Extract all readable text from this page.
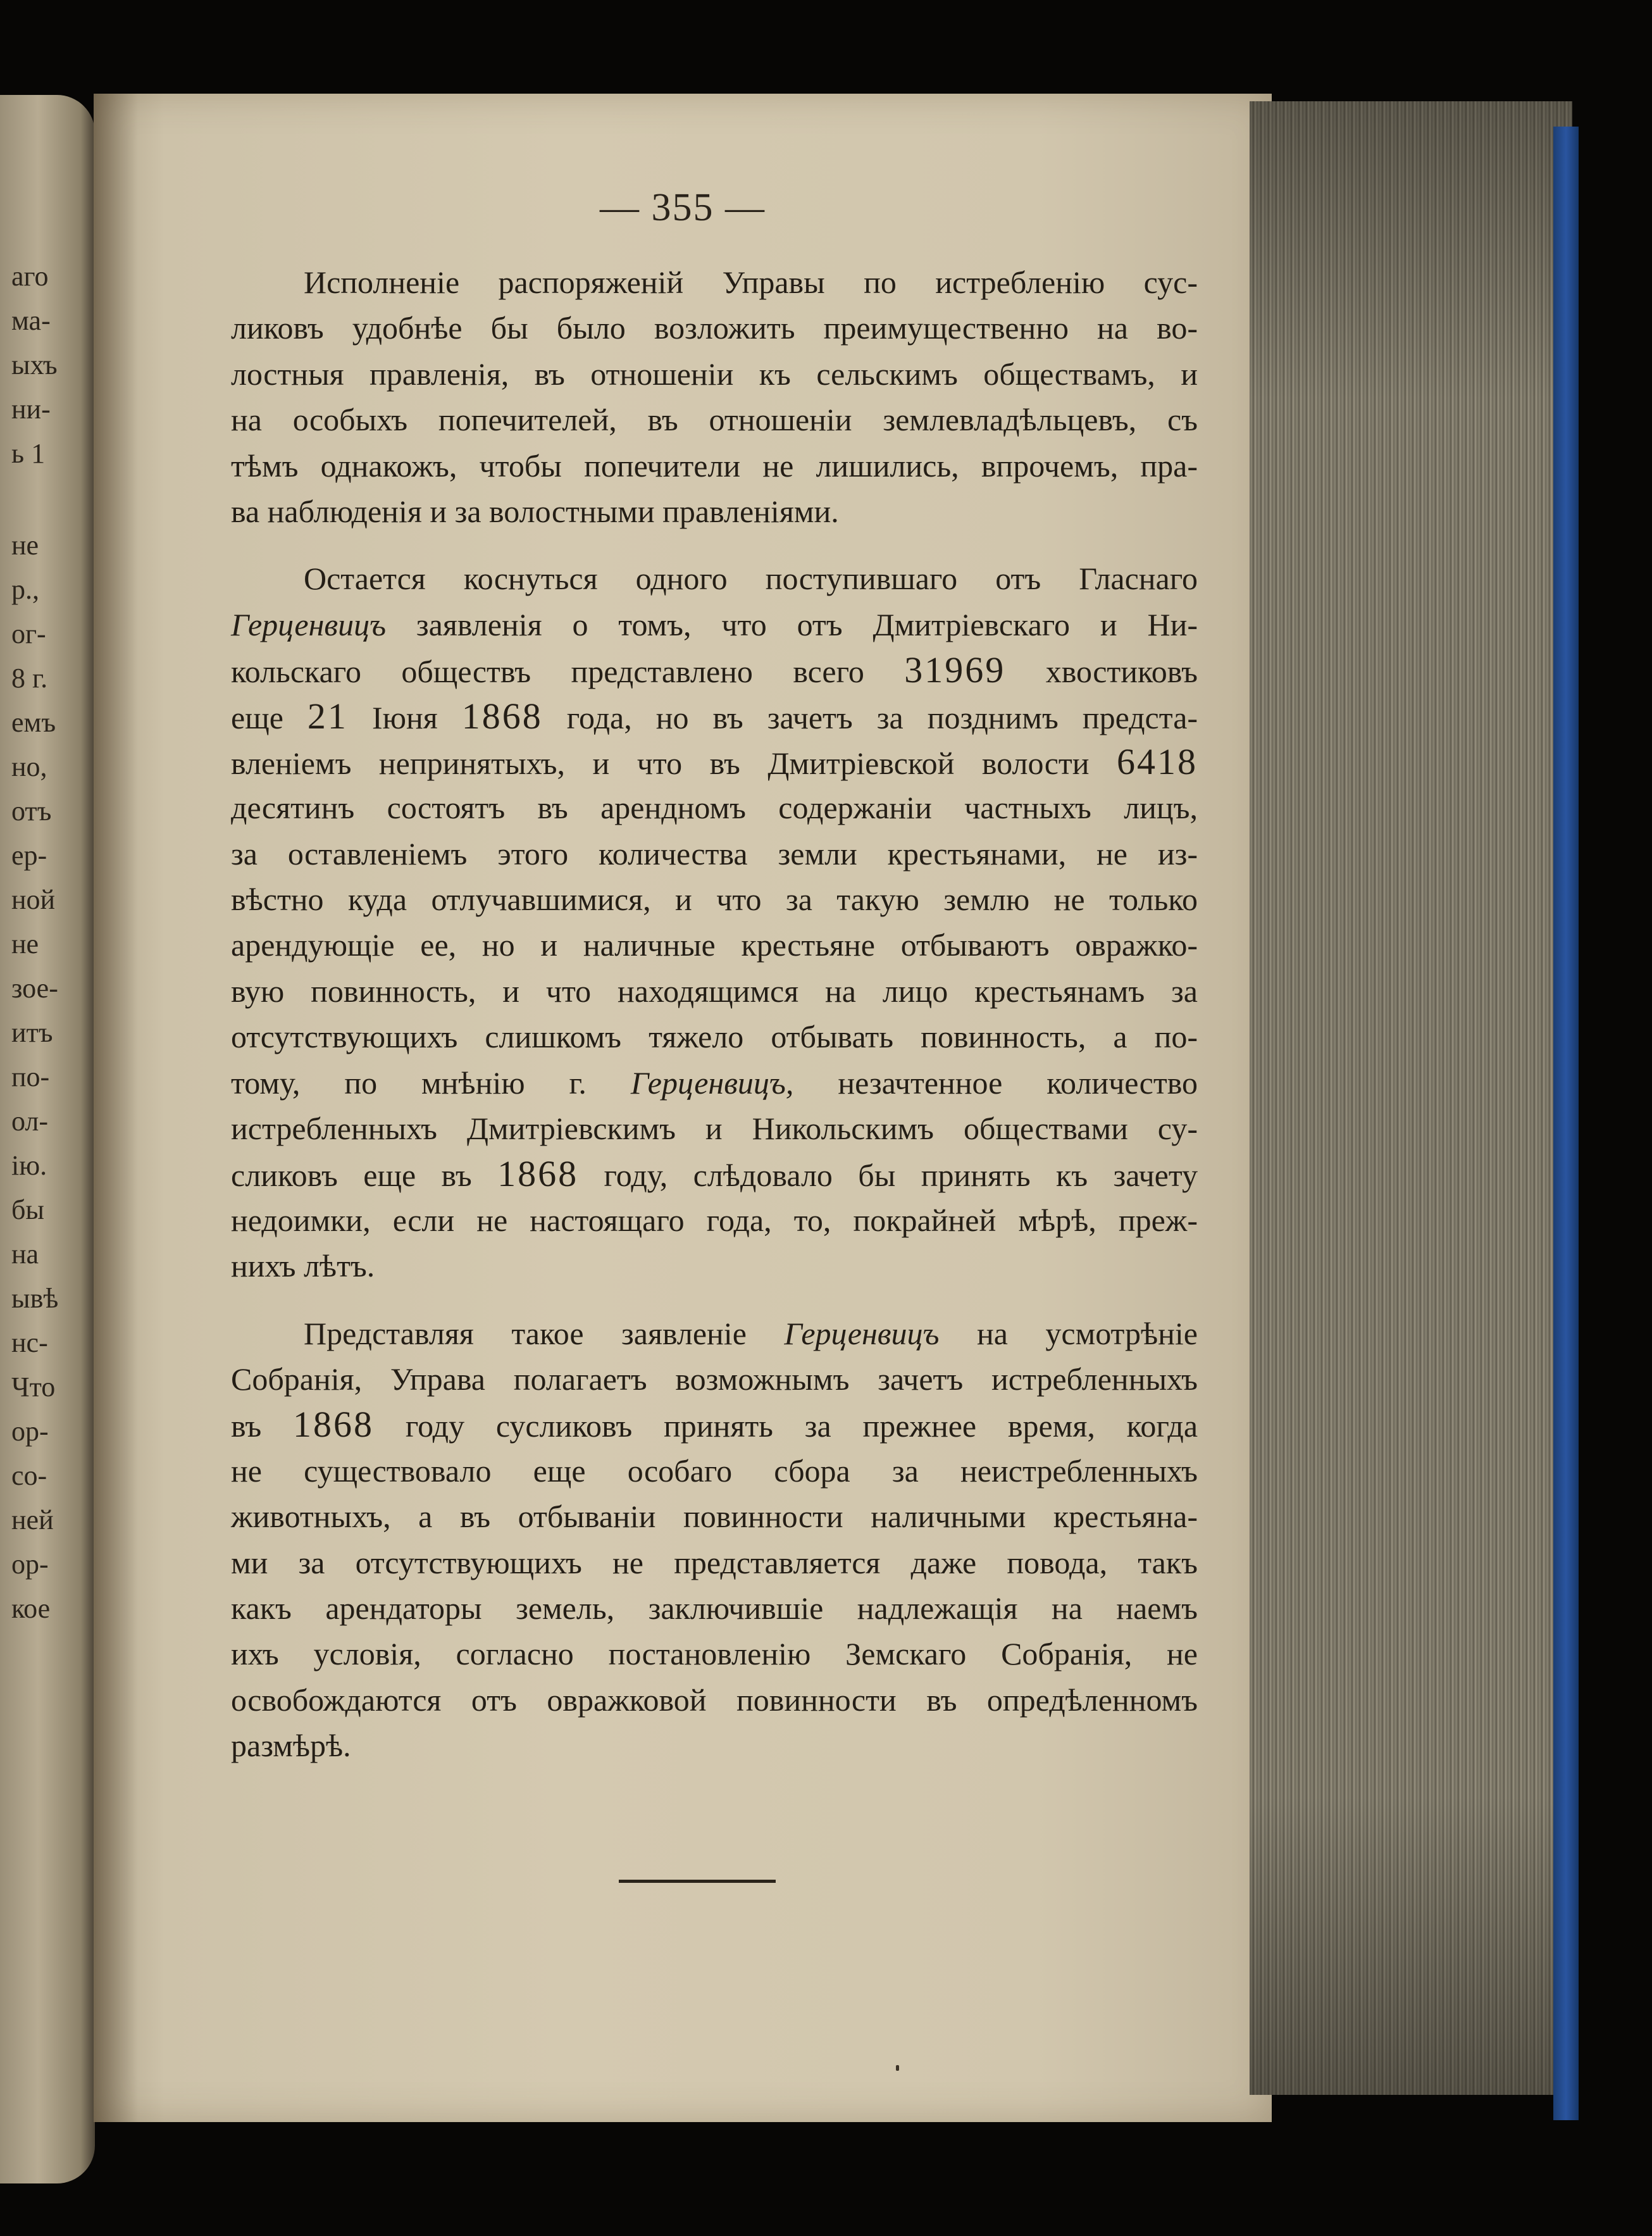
аго
ма-
ыхъ
ни-
ь 1
не
р.,
ог-
8 г.
емъ
но,
отъ
ер-
ной
не
зое-
итъ
по-
ол-
ію.
бы
на
ывѣ
нс-
Что
ор-
со-
ней
ор-
кое
— 355 —
Исполненіе распоряженій Управы по истребленію сус-
ликовъ удобнѣе бы было возложить преимущественно на во-
лостныя правленія, въ отношеніи къ сельскимъ обществамъ, и
на особыхъ попечителей, въ отношеніи землевладѣльцевъ, съ
тѣмъ однакожъ, чтобы попечители не лишились, впрочемъ, пра-
ва наблюденія и за волостными правленіями.
Остается коснуться одного поступившаго отъ Гласнаго
Герценвицъ заявленія о томъ, что отъ Дмитріевскаго и Ни-
кольскаго обществъ представлено всего 31969 хвостиковъ
еще 21 Іюня 1868 года, но въ зачетъ за позднимъ предста-
вленіемъ непринятыхъ, и что въ Дмитріевской волости 6418
десятинъ состоятъ въ арендномъ содержаніи частныхъ лицъ,
за оставленіемъ этого количества земли крестьянами, не из-
вѣстно куда отлучавшимися, и что за такую землю не только
арендующіе ее, но и наличные крестьяне отбываютъ овражко-
вую повинность, и что находящимся на лицо крестьянамъ за
отсутствующихъ слишкомъ тяжело отбывать повинность, а по-
тому, по мнѣнію г. Герценвицъ, незачтенное количество
истребленныхъ Дмитріевскимъ и Никольскимъ обществами су-
сликовъ еще въ 1868 году, слѣдовало бы принять къ зачету
недоимки, если не настоящаго года, то, покрайней мѣрѣ, преж-
нихъ лѣтъ.
Представляя такое заявленіе Герценвицъ на усмотрѣніе
Собранія, Управа полагаетъ возможнымъ зачетъ истребленныхъ
въ 1868 году сусликовъ принять за прежнее время, когда
не существовало еще особаго сбора за неистребленныхъ
животныхъ, а въ отбываніи повинности наличными крестьяна-
ми за отсутствующихъ не представляется даже повода, такъ
какъ арендаторы земель, заключившіе надлежащія на наемъ
ихъ условія, согласно постановленію Земскаго Собранія, не
освобождаются отъ овражковой повинности въ опредѣленномъ
размѣрѣ.
